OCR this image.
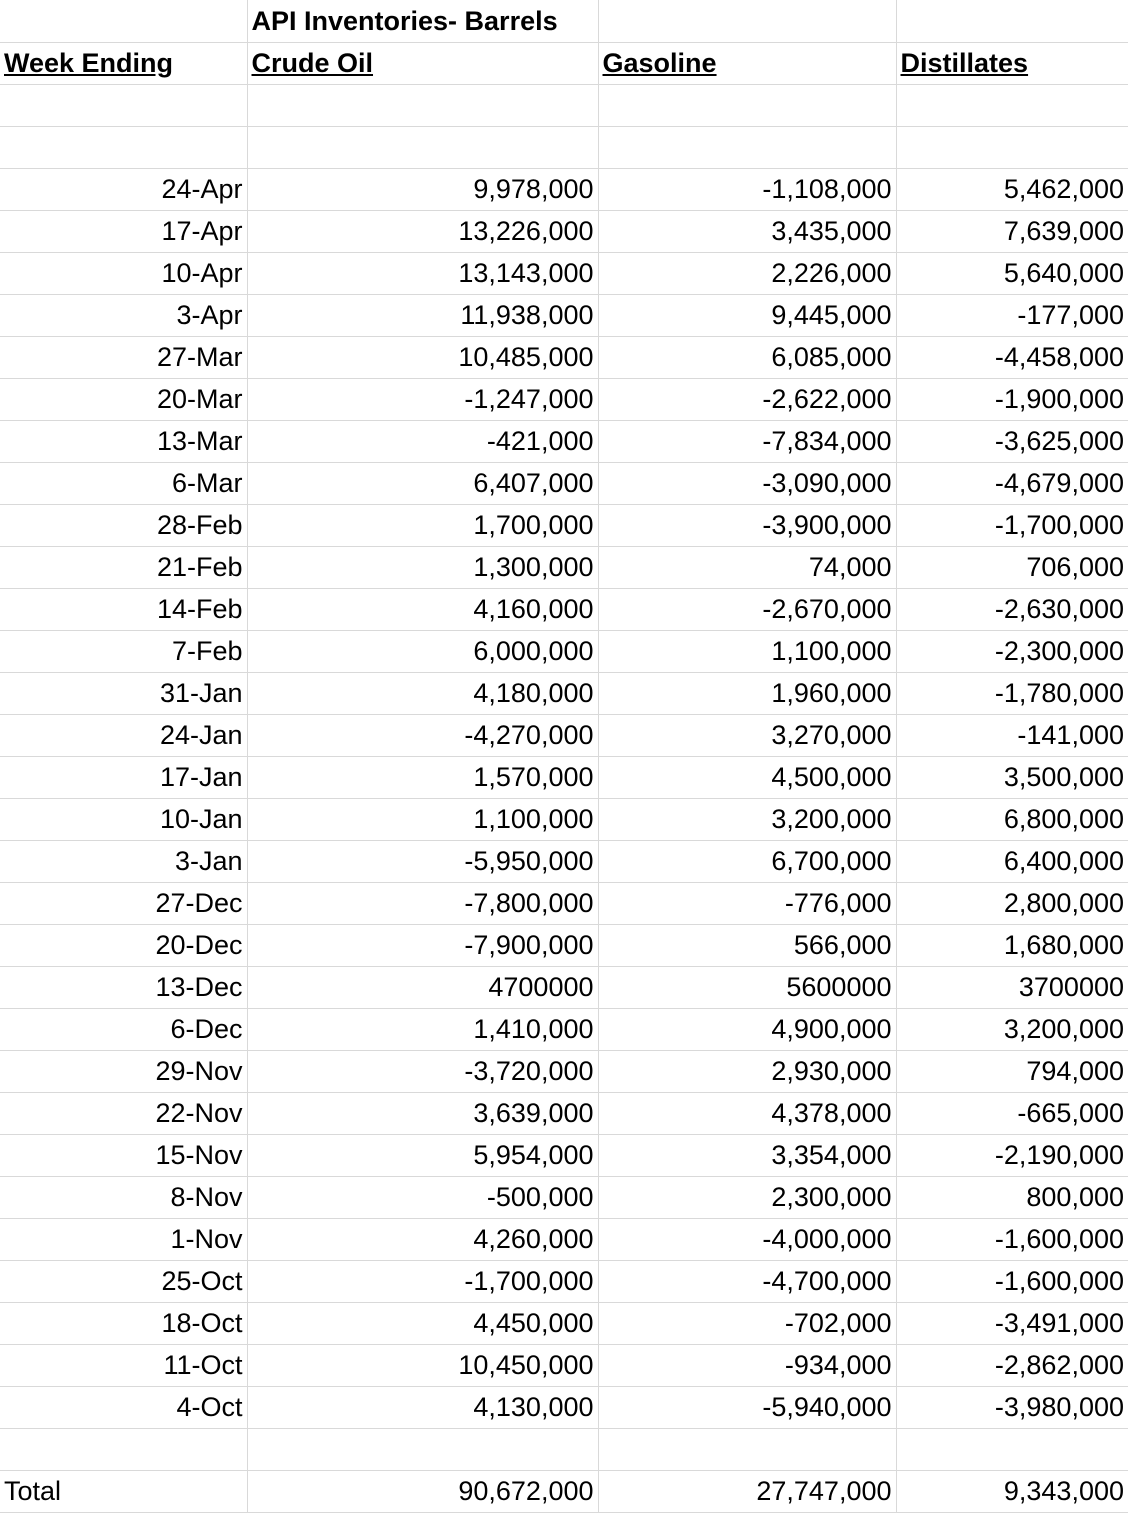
	API Inventories- Barrels		
Week Ending	Crude Oil	Gasoline	Distillates

24-Apr	9,978,000	-1,108,000	5,462,000
17-Apr	13,226,000	3,435,000	7,639,000
10-Apr	13,143,000	2,226,000	5,640,000
3-Apr	11,938,000	9,445,000	-177,000
27-Mar	10,485,000	6,085,000	-4,458,000
20-Mar	-1,247,000	-2,622,000	-1,900,000
13-Mar	-421,000	-7,834,000	-3,625,000
6-Mar	6,407,000	-3,090,000	-4,679,000
28-Feb	1,700,000	-3,900,000	-1,700,000
21-Feb	1,300,000	74,000	706,000
14-Feb	4,160,000	-2,670,000	-2,630,000
7-Feb	6,000,000	1,100,000	-2,300,000
31-Jan	4,180,000	1,960,000	-1,780,000
24-Jan	-4,270,000	3,270,000	-141,000
17-Jan	1,570,000	4,500,000	3,500,000
10-Jan	1,100,000	3,200,000	6,800,000
3-Jan	-5,950,000	6,700,000	6,400,000
27-Dec	-7,800,000	-776,000	2,800,000
20-Dec	-7,900,000	566,000	1,680,000
13-Dec	4700000	5600000	3700000
6-Dec	1,410,000	4,900,000	3,200,000
29-Nov	-3,720,000	2,930,000	794,000
22-Nov	3,639,000	4,378,000	-665,000
15-Nov	5,954,000	3,354,000	-2,190,000
8-Nov	-500,000	2,300,000	800,000
1-Nov	4,260,000	-4,000,000	-1,600,000
25-Oct	-1,700,000	-4,700,000	-1,600,000
18-Oct	4,450,000	-702,000	-3,491,000
11-Oct	10,450,000	-934,000	-2,862,000
4-Oct	4,130,000	-5,940,000	-3,980,000

Total	90,672,000	27,747,000	9,343,000
